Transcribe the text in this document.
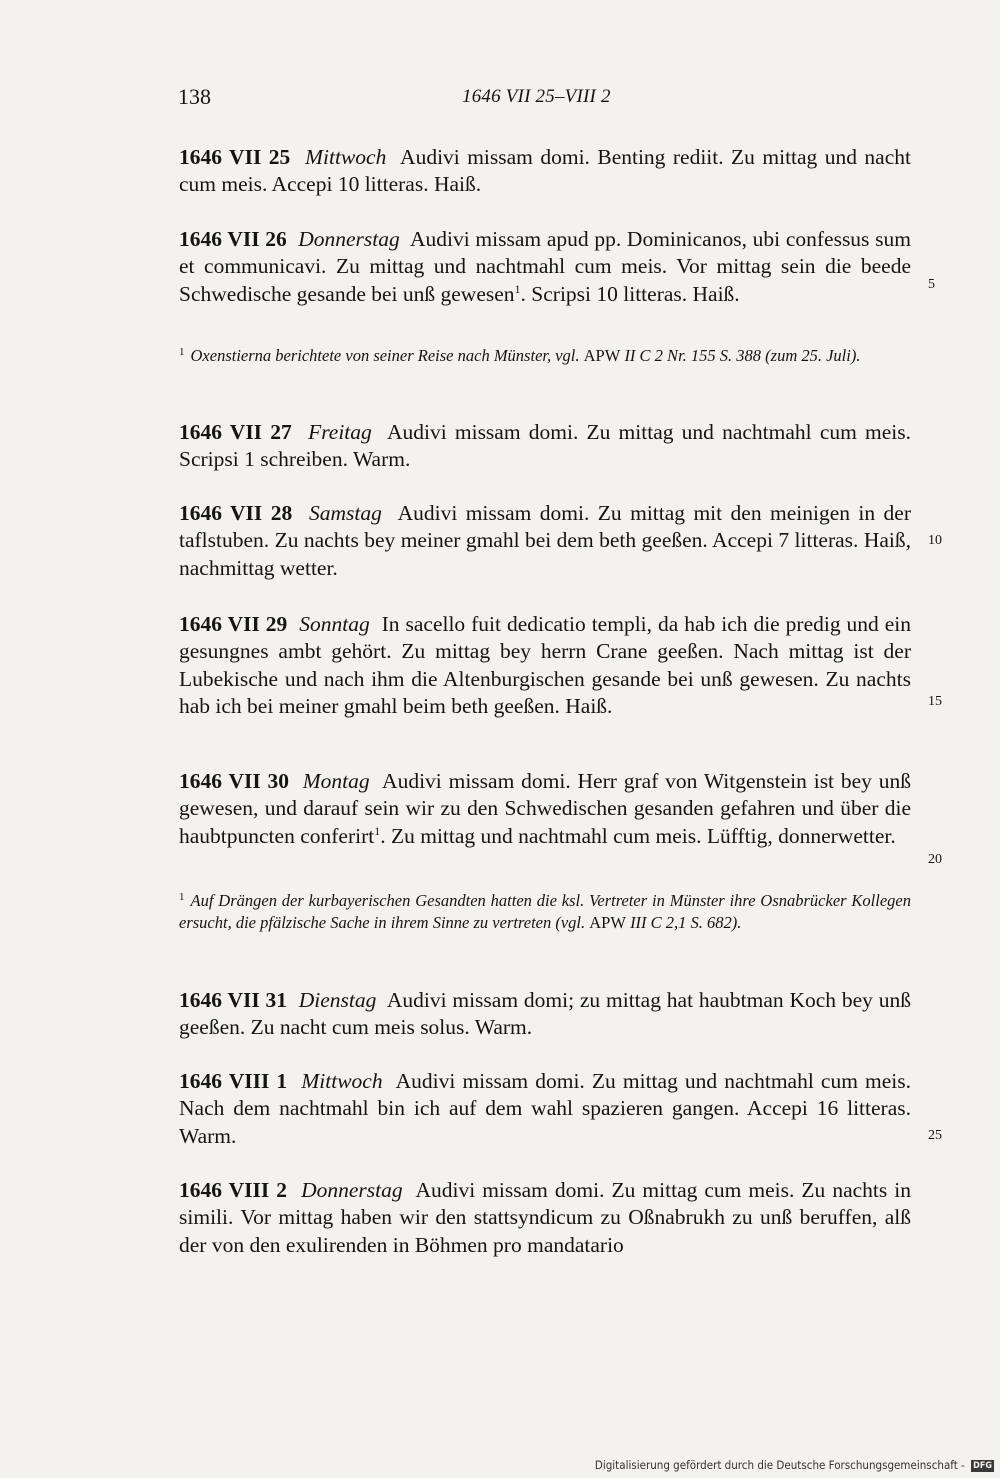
138	1646 VII 25–VIII 2
1646 VII 25 Mittwoch Audivi missam domi. Benting rediit. Zu mittag und nacht cum meis. Accepi 10 litteras. Haiß.
1646 VII 26 Donnerstag Audivi missam apud pp. Dominicanos, ubi confessus sum et communicavi. Zu mittag und nachtmahl cum meis. Vor mittag sein die beede Schwedische gesande bei unß gewesen$^1$. Scripsi 10 litteras. Haiß.
$^1$ Oxenstierna berichtete von seiner Reise nach Münster, vgl. APW II C 2 Nr. 155 S. 388 (zum 25. Juli).
1646 VII 27 Freitag Audivi missam domi. Zu mittag und nachtmahl cum meis. Scripsi 1 schreiben. Warm.
1646 VII 28 Samstag Audivi missam domi. Zu mittag mit den meinigen in der taflstuben. Zu nachts bey meiner gmahl bei dem beth geeßen. Accepi 7 litteras. Haiß, nachmittag wetter.
1646 VII 29 Sonntag In sacello fuit dedicatio templi, da hab ich die predig und ein gesungnes ambt gehört. Zu mittag bey herrn Crane geeßen. Nach mittag ist der Lubekische und nach ihm die Altenburgischen gesande bei unß gewesen. Zu nachts hab ich bei meiner gmahl beim beth geeßen. Haiß.
1646 VII 30 Montag Audivi missam domi. Herr graf von Witgenstein ist bey unß gewesen, und darauf sein wir zu den Schwedischen gesanden gefahren und über die haubtpuncten conferirt$^1$. Zu mittag und nachtmahl cum meis. Lüfftig, donnerwetter.
$^1$ Auf Drängen der kurbayerischen Gesandten hatten die ksl. Vertreter in Münster ihre Osnabrücker Kollegen ersucht, die pfälzische Sache in ihrem Sinne zu vertreten (vgl. APW III C 2,1 S. 682).
1646 VII 31 Dienstag Audivi missam domi; zu mittag hat haubtman Koch bey unß geeßen. Zu nacht cum meis solus. Warm.
1646 VIII 1 Mittwoch Audivi missam domi. Zu mittag und nachtmahl cum meis. Nach dem nachtmahl bin ich auf dem wahl spazieren gangen. Accepi 16 litteras. Warm.
1646 VIII 2 Donnerstag Audivi missam domi. Zu mittag cum meis. Zu nachts in simili. Vor mittag haben wir den stattsyndicum zu Oßnabrukh zu unß beruffen, alß der von den exulirenden in Böhmen pro mandatario
5
10
15
20
25
Digitalisierung gefördert durch die Deutsche Forschungsgemeinschaft - DFG
